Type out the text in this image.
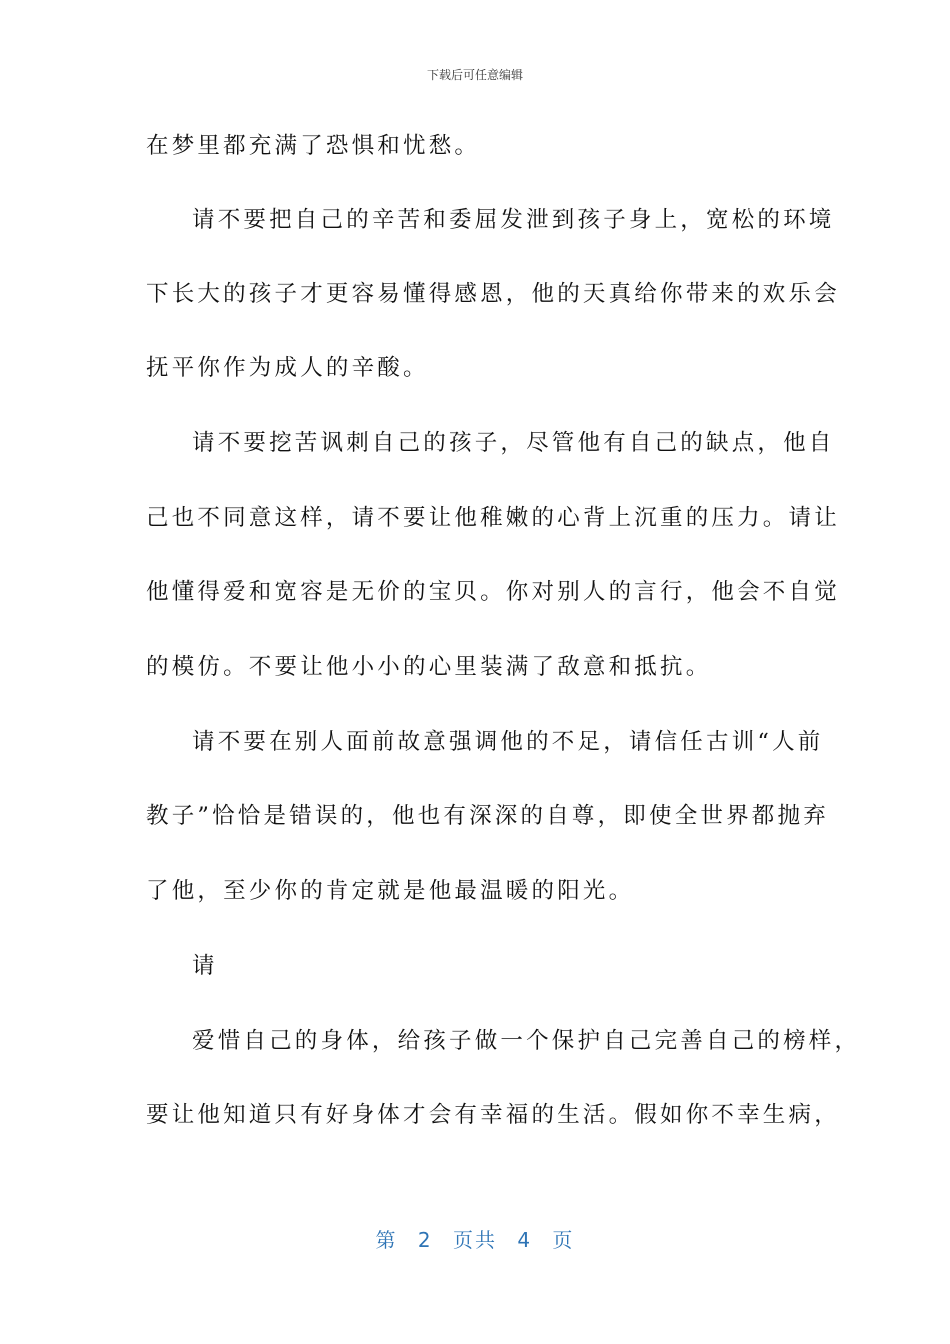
下载后可任意编辑
在梦里都充满了恐惧和忧愁。
请不要把自己的辛苦和委屈发泄到孩子身上，宽松的环境
下长大的孩子才更容易懂得感恩，他的天真给你带来的欢乐会
抚平你作为成人的辛酸。
请不要挖苦讽刺自己的孩子，尽管他有自己的缺点，他自
己也不同意这样，请不要让他稚嫩的心背上沉重的压力。请让
他懂得爱和宽容是无价的宝贝。你对别人的言行，他会不自觉
的模仿。不要让他小小的心里装满了敌意和抵抗。
请不要在别人面前故意强调他的不足，请信任古训“人前
教子”恰恰是错误的，他也有深深的自尊，即使全世界都抛弃
了他，至少你的肯定就是他最温暖的阳光。
请
爱惜自己的身体，给孩子做一个保护自己完善自己的榜样，
要让他知道只有好身体才会有幸福的生活。假如你不幸生病，
第 2 页共 4 页
